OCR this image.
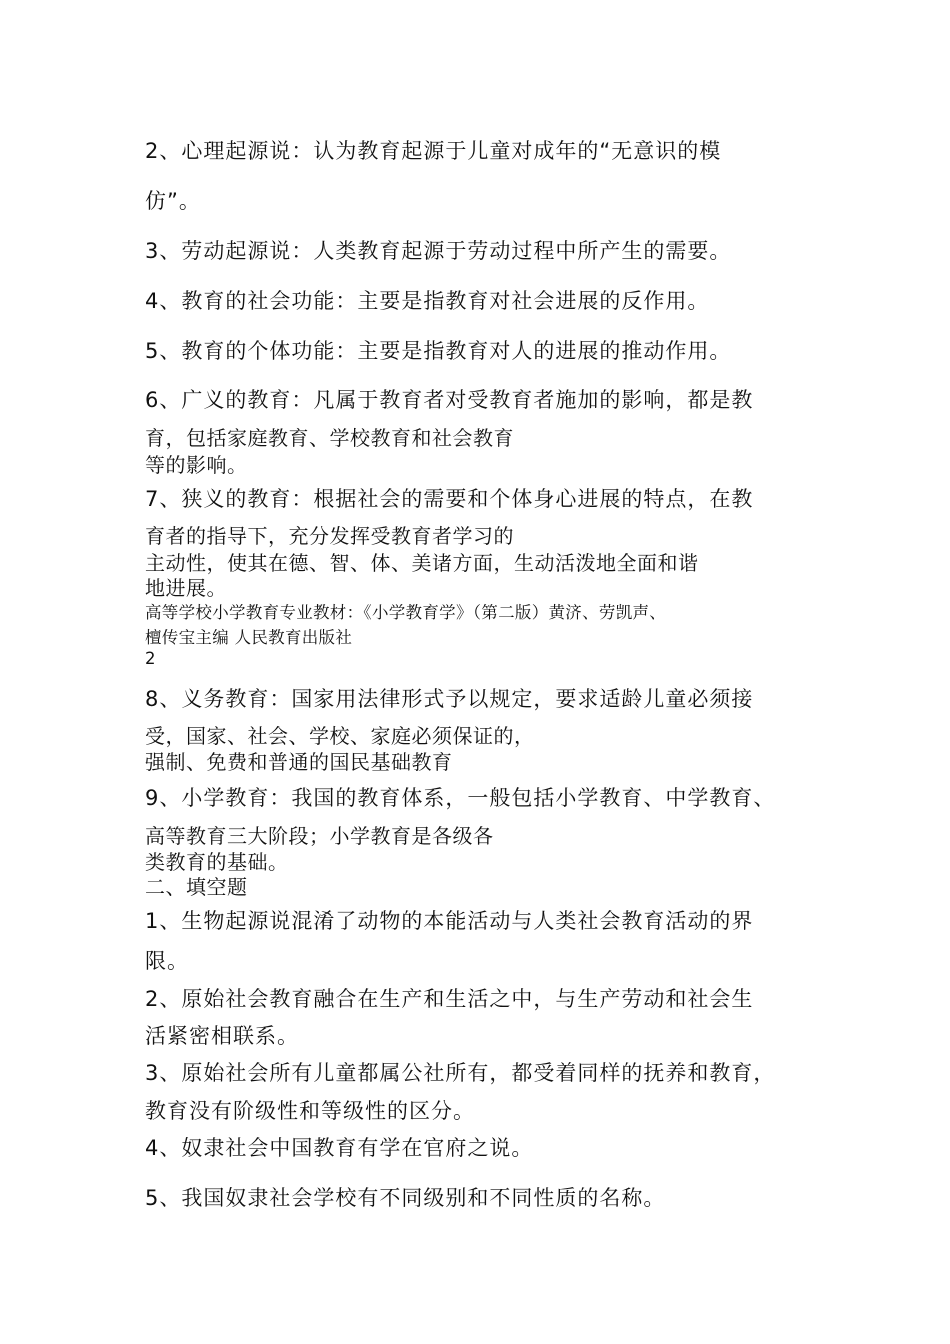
2、心理起源说：认为教育起源于儿童对成年的“无意识的模

仿”。

3、劳动起源说：人类教育起源于劳动过程中所产生的需要。

4、教育的社会功能：主要是指教育对社会进展的反作用。

5、教育的个体功能：主要是指教育对人的进展的推动作用。

6、广义的教育：凡属于教育者对受教育者施加的影响，都是教

育，包括家庭教育、学校教育和社会教育

等的影响。

7、狭义的教育：根据社会的需要和个体身心进展的特点，在教

育者的指导下，充分发挥受教育者学习的

主动性，使其在德、智、体、美诸方面，生动活泼地全面和谐

地进展。

高等学校小学教育专业教材：《小学教育学》（第二版）黄济、劳凯声、

檀传宝主编 人民教育出版社

2

8、义务教育：国家用法律形式予以规定，要求适龄儿童必须接

受，国家、社会、学校、家庭必须保证的，

强制、免费和普通的国民基础教育

9、小学教育：我国的教育体系，一般包括小学教育、中学教育、

高等教育三大阶段；小学教育是各级各

类教育的基础。

二、填空题

1、生物起源说混淆了动物的本能活动与人类社会教育活动的界

限。

2、原始社会教育融合在生产和生活之中，与生产劳动和社会生

活紧密相联系。

3、原始社会所有儿童都属公社所有，都受着同样的抚养和教育，

教育没有阶级性和等级性的区分。

4、奴隶社会中国教育有学在官府之说。

5、我国奴隶社会学校有不同级别和不同性质的名称。
